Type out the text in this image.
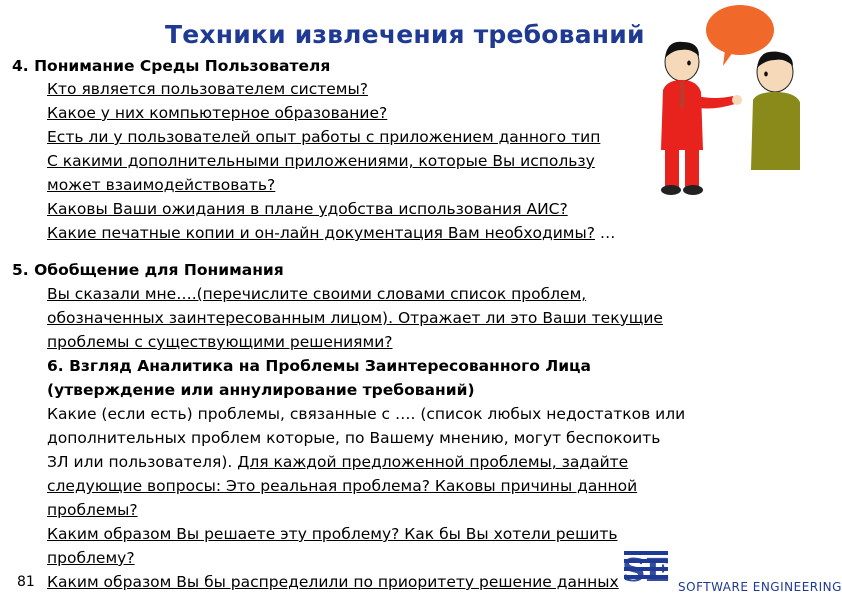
Техники извлечения требований
4. Понимание Среды Пользователя
Кто является пользователем системы?
Какое у них компьютерное образование?
Есть ли у пользователей опыт работы с приложением данного тип
С какими дополнительными приложениями, которые Вы использу
может взаимодействовать?
Каковы Ваши ожидания в плане удобства использования АИС?
Какие печатные копии и он-лайн документация Вам необходимы? …
5. Обобщение для Понимания
Вы сказали мне….(перечислите своими словами список проблем,
обозначенных заинтересованным лицом). Отражает ли это Ваши текущие
проблемы с существующими решениями?
6. Взгляд Аналитика на Проблемы Заинтересованного Лица
(утверждение или аннулирование требований)
Какие (если есть) проблемы, связанные с …. (список любых недостатков или
дополнительных проблем которые, по Вашему мнению, могут беспокоить
ЗЛ или пользователя). Для каждой предложенной проблемы, задайте
следующие вопросы: Это реальная проблема? Каковы причины данной
проблемы?
Каким образом Вы решаете эту проблему? Как бы Вы хотели решить
проблему?
Каким образом Вы бы распределили по приоритету решение данных
81	SE SOFTWARE ENGINEERING
